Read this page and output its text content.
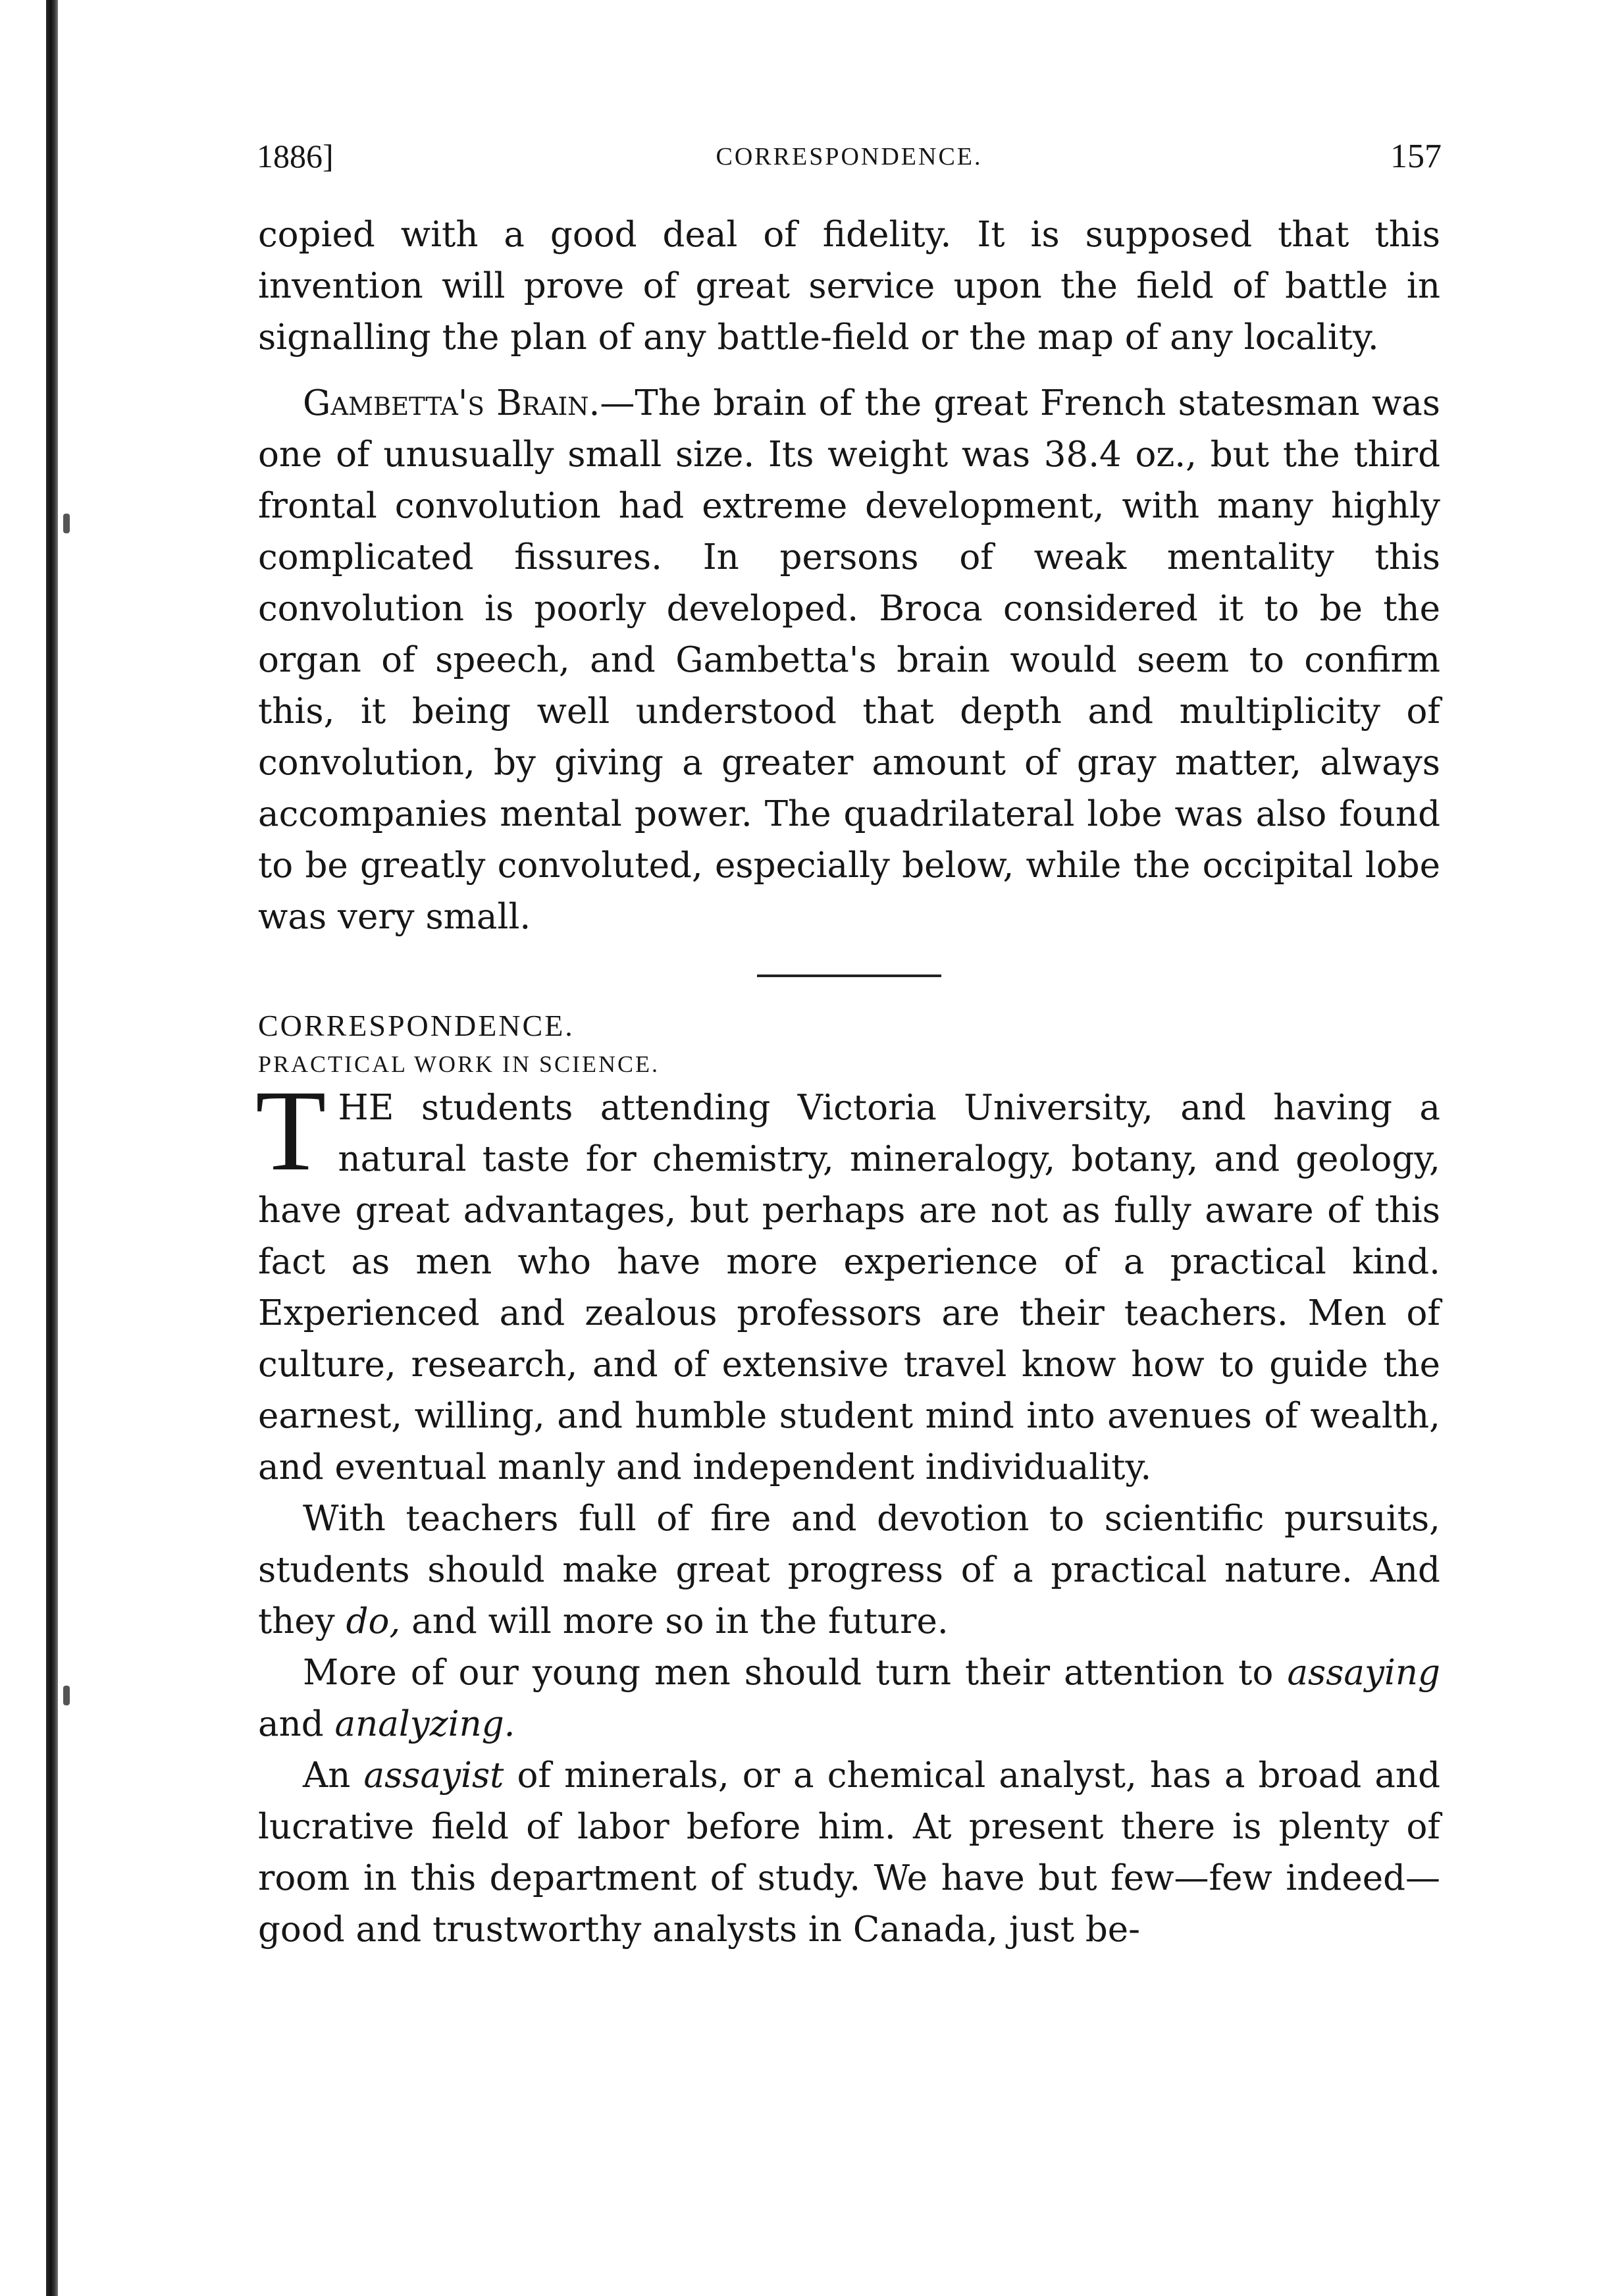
1886]	CORRESPONDENCE.	157

copied with a good deal of fidelity. It is supposed that this invention will prove of great service upon the field of battle in signalling the plan of any battle-field or the map of any locality.

Gambetta's Brain.—The brain of the great French statesman was one of unusually small size. Its weight was 38.4 oz., but the third frontal convolution had extreme development, with many highly complicated fissures. In persons of weak mentality this convolution is poorly developed. Broca considered it to be the organ of speech, and Gambetta's brain would seem to confirm this, it being well understood that depth and multiplicity of convolution, by giving a greater amount of gray matter, always accompanies mental power. The quadrilateral lobe was also found to be greatly convoluted, especially below, while the occipital lobe was very small.

CORRESPONDENCE.

PRACTICAL WORK IN SCIENCE.

THE students attending Victoria University, and having a natural taste for chemistry, mineralogy, botany, and geology, have great advantages, but perhaps are not as fully aware of this fact as men who have more experience of a practical kind. Experienced and zealous professors are their teachers. Men of culture, research, and of extensive travel know how to guide the earnest, willing, and humble student mind into avenues of wealth, and eventual manly and independent individuality.

With teachers full of fire and devotion to scientific pursuits, students should make great progress of a practical nature. And they do, and will more so in the future.

More of our young men should turn their attention to assaying and analyzing.

An assayist of minerals, or a chemical analyst, has a broad and lucrative field of labor before him. At present there is plenty of room in this department of study. We have but few—few indeed—good and trustworthy analysts in Canada, just be-
